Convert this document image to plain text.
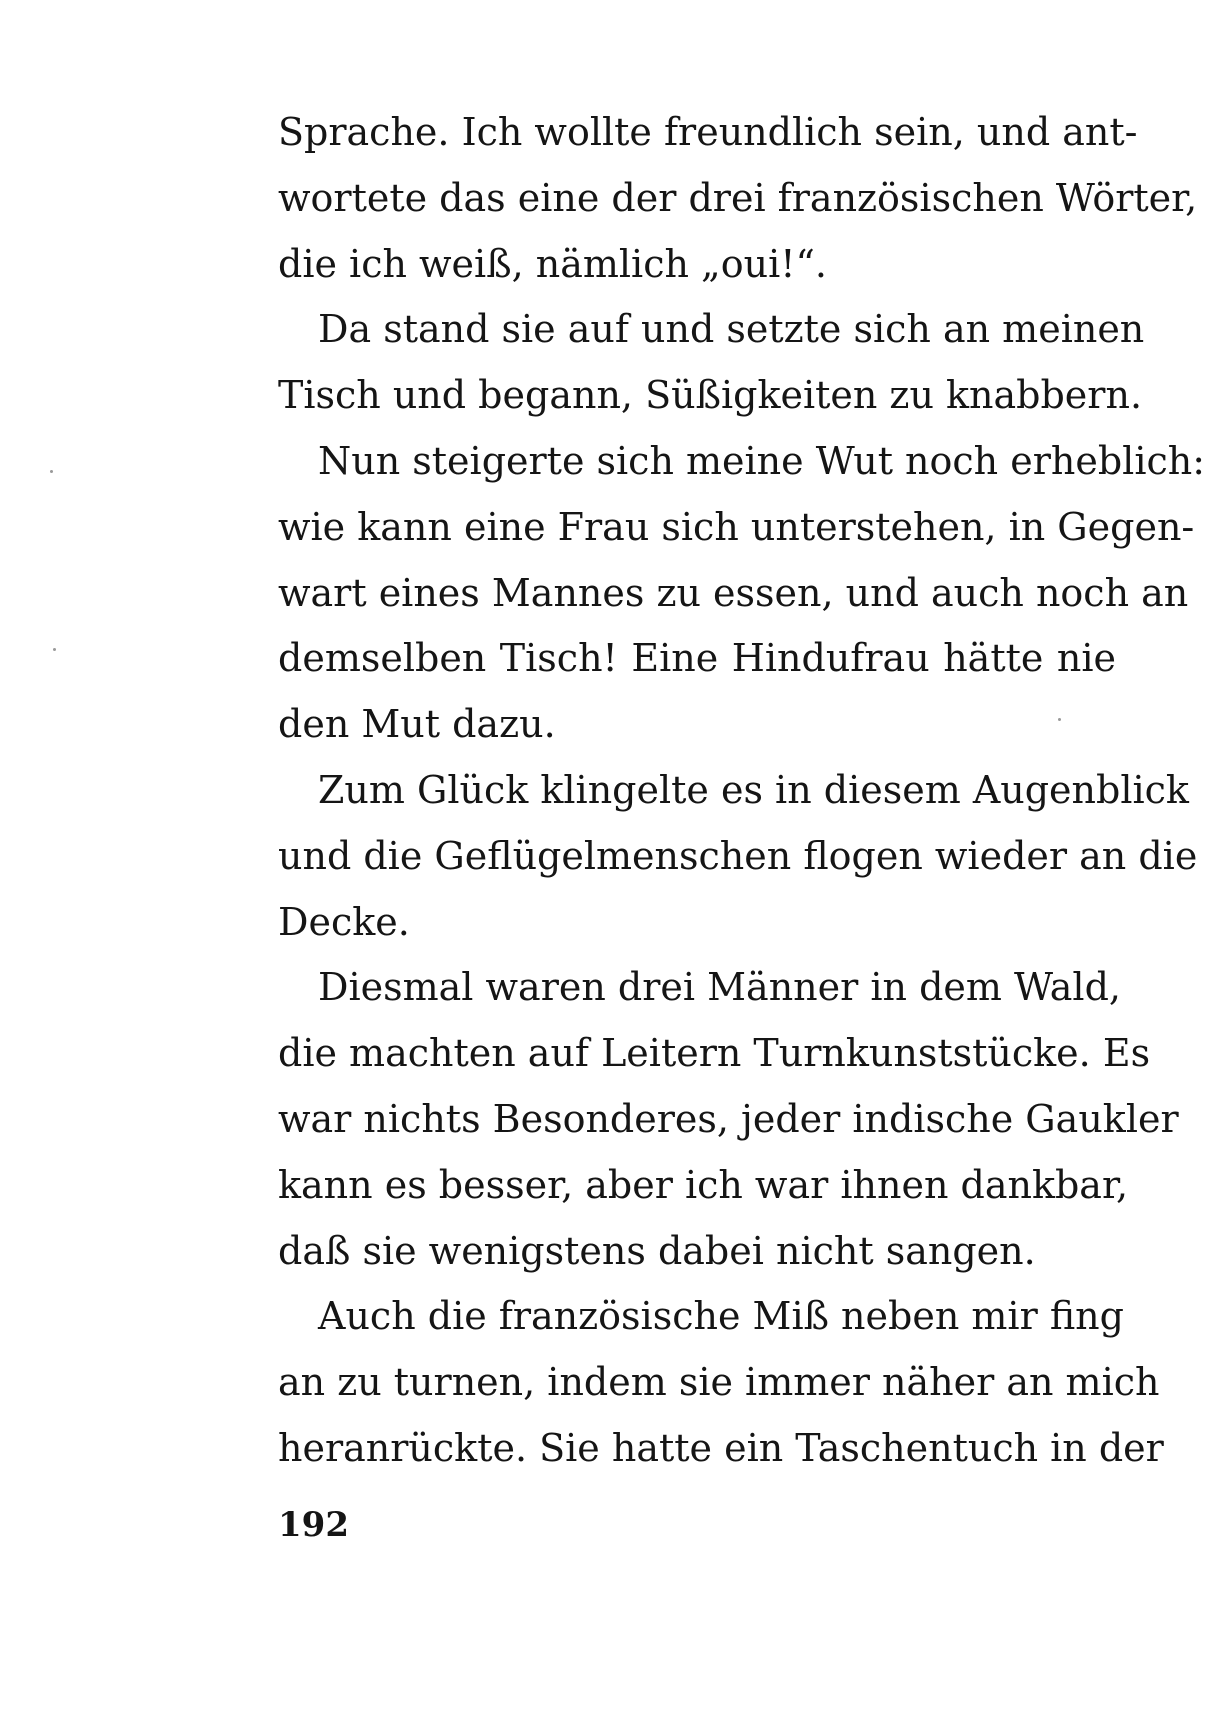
Sprache. Ich wollte freundlich sein, und ant-
wortete das eine der drei französischen Wörter,
die ich weiß, nämlich „oui!“.
Da stand sie auf und setzte sich an meinen
Tisch und begann, Süßigkeiten zu knabbern.
Nun steigerte sich meine Wut noch erheblich:
wie kann eine Frau sich unterstehen, in Gegen-
wart eines Mannes zu essen, und auch noch an
demselben Tisch! Eine Hindufrau hätte nie
den Mut dazu.
Zum Glück klingelte es in diesem Augenblick
und die Geflügelmenschen flogen wieder an die
Decke.
Diesmal waren drei Männer in dem Wald,
die machten auf Leitern Turnkunststücke. Es
war nichts Besonderes, jeder indische Gaukler
kann es besser, aber ich war ihnen dankbar,
daß sie wenigstens dabei nicht sangen.
Auch die französische Miß neben mir fing
an zu turnen, indem sie immer näher an mich
heranrückte. Sie hatte ein Taschentuch in der
192
